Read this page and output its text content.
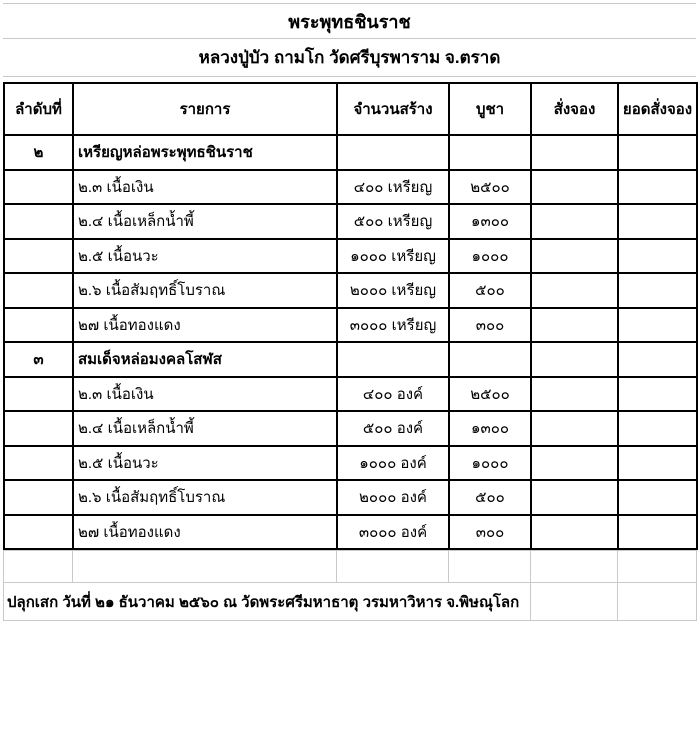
พระพุทธชินราช
หลวงปู่บัว ถามโก วัดศรีบุรพาราม จ.ตราด
ลำดับที่	รายการ	จำนวนสร้าง	บูชา	สั่งจอง	ยอดสั่งจอง
๒	เหรียญหล่อพระพุทธชินราช				
	๒.๓ เนื้อเงิน	๔๐๐ เหรียญ	๒๕๐๐		
	๒.๔ เนื้อเหล็กน้ำพี้	๕๐๐ เหรียญ	๑๓๐๐		
	๒.๕ เนื้อนวะ	๑๐๐๐ เหรียญ	๑๐๐๐		
	๒.๖ เนื้อสัมฤทธิ์โบราณ	๒๐๐๐ เหรียญ	๕๐๐		
	๒๗ เนื้อทองแดง	๓๐๐๐ เหรียญ	๓๐๐		
๓	สมเด็จหล่อมงคลโสฬส				
	๒.๓ เนื้อเงิน	๔๐๐ องค์	๒๕๐๐		
	๒.๔ เนื้อเหล็กน้ำพี้	๕๐๐ องค์	๑๓๐๐		
	๒.๕ เนื้อนวะ	๑๐๐๐ องค์	๑๐๐๐		
	๒.๖ เนื้อสัมฤทธิ์โบราณ	๒๐๐๐ องค์	๕๐๐		
	๒๗ เนื้อทองแดง	๓๐๐๐ องค์	๓๐๐		

ปลุกเสก วันที่ ๒๑ ธันวาคม ๒๕๖๐ ณ วัดพระศรีมหาธาตุ วรมหาวิหาร จ.พิษณุโลก					
